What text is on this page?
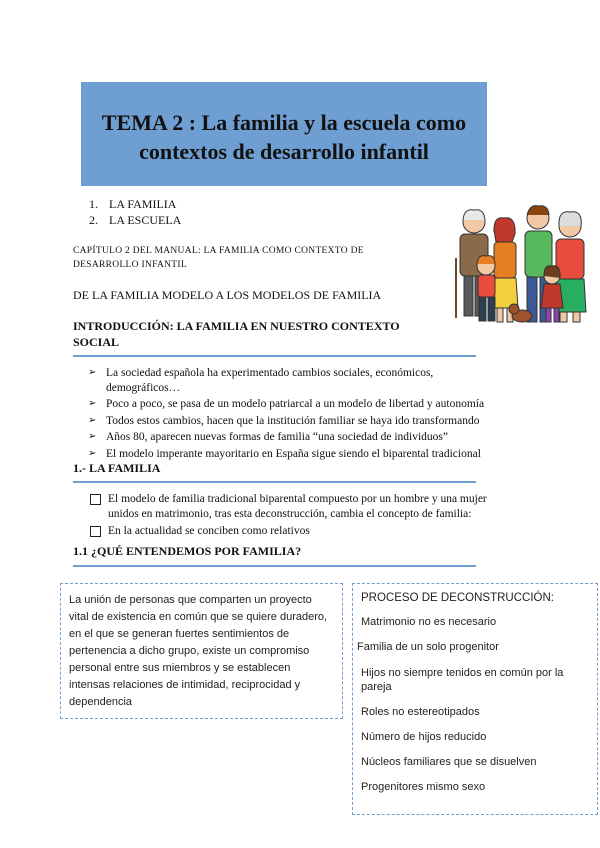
TEMA 2 : La familia y la escuela como
contextos de desarrollo infantil
1. LA FAMILIA
2. LA ESCUELA
CAPÍTULO 2 DEL MANUAL: LA FAMILIA COMO CONTEXTO DE
DESARROLLO INFANTIL
DE LA FAMILIA MODELO A LOS MODELOS DE FAMILIA
INTRODUCCIÓN: LA FAMILIA EN NUESTRO CONTEXTO
SOCIAL
➢ La sociedad española ha experimentado cambios sociales, económicos, demográficos…
➢ Poco a poco, se pasa de un modelo patriarcal a un modelo de libertad y autonomía
➢ Todos estos cambios, hacen que la institución familiar se haya ido transformando
➢ Años 80, aparecen nuevas formas de familia “una sociedad de individuos”
➢ El modelo imperante mayoritario en España sigue siendo el biparental tradicional
1.- LA FAMILIA
El modelo de familia tradicional biparental compuesto por un hombre y una mujer unidos en matrimonio, tras esta deconstrucción, cambia el concepto de familia:
En la actualidad se conciben como relativos
1.1 ¿QUÉ ENTENDEMOS POR FAMILIA?

La unión de personas que comparten un proyecto vital de existencia en común que se quiere duradero, en el que se generan fuertes sentimientos de pertenencia a dicho grupo, existe un compromiso personal entre sus miembros y se establecen intensas relaciones de intimidad, reciprocidad y dependencia

PROCESO DE DECONSTRUCCIÓN:
Matrimonio no es necesario
Familia de un solo progenitor
Hijos no siempre tenidos en común por la pareja
Roles no estereotipados
Número de hijos reducido
Núcleos familiares que se disuelven
Progenitores mismo sexo
